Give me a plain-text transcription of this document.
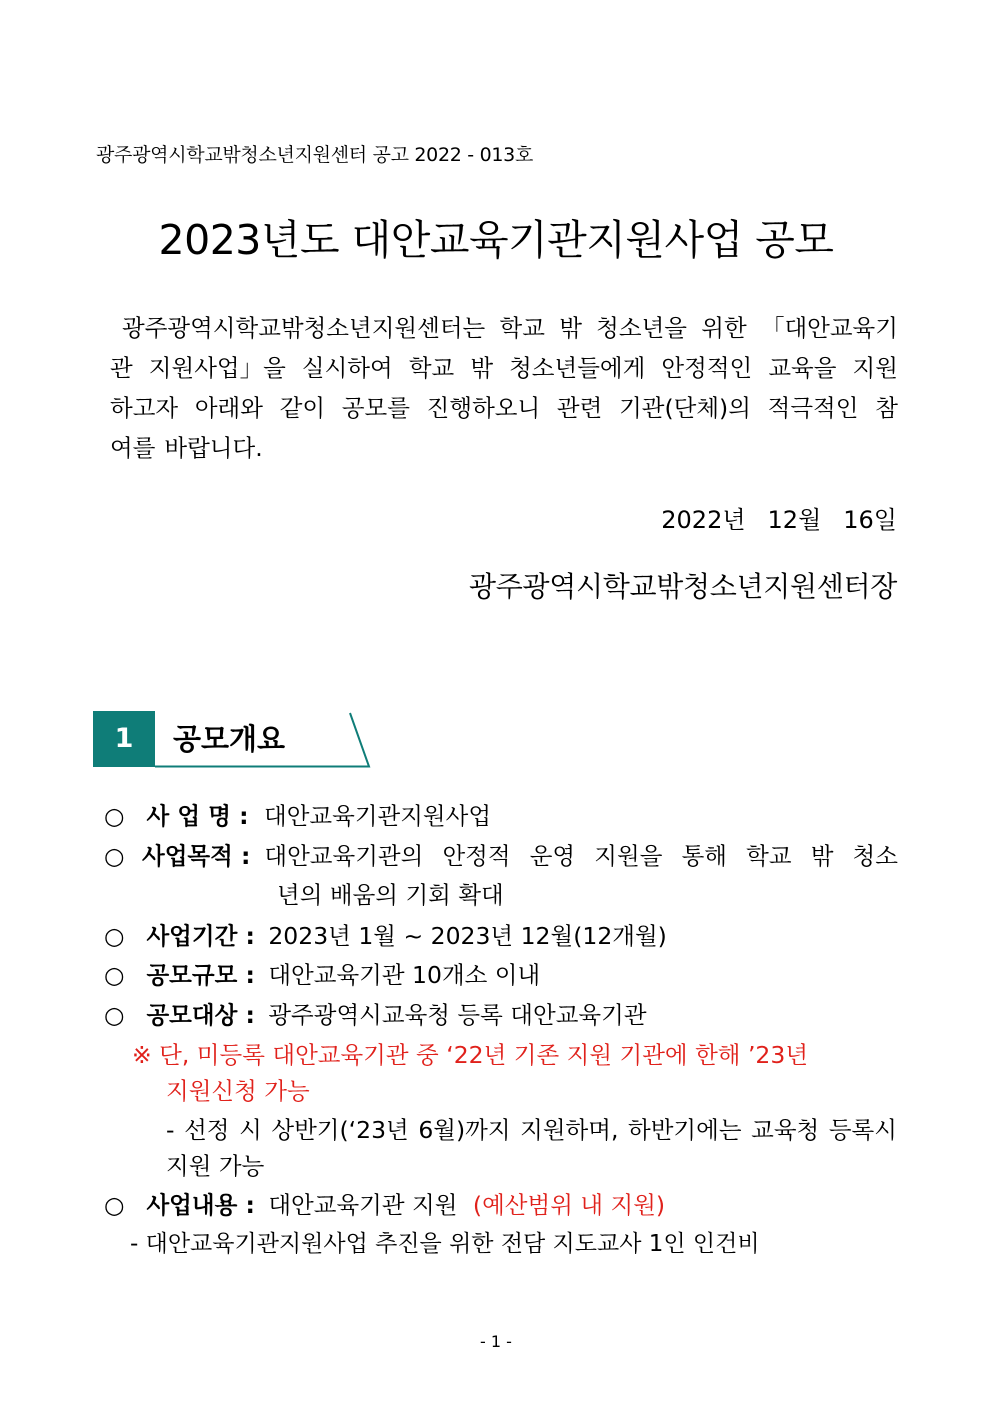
광주광역시학교밖청소년지원센터 공고 2022 - 013호
2023년도 대안교육기관지원사업 공모
광주광역시학교밖청소년지원센터는 학교 밖 청소년을 위한 「대안교육기
관 지원사업」을 실시하여 학교 밖 청소년들에게 안정적인 교육을 지원
하고자 아래와 같이 공모를 진행하오니 관련 기관(단체)의 적극적인 참
여를 바랍니다.
2022년 12월 16일
광주광역시학교밖청소년지원센터장
1	공모개요
○ 사 업 명 : 대안교육기관지원사업
○ 사업목적 : 대안교육기관의 안정적 운영 지원을 통해 학교 밖 청소
년의 배움의 기회 확대
○ 사업기간 : 2023년 1월 ~ 2023년 12월(12개월)
○ 공모규모 : 대안교육기관 10개소 이내
○ 공모대상 : 광주광역시교육청 등록 대안교육기관
※ 단, 미등록 대안교육기관 중 ‘22년 기존 지원 기관에 한해 ’23년
지원신청 가능
- 선정 시 상반기(‘23년 6월)까지 지원하며, 하반기에는 교육청 등록시
지원 가능
○ 사업내용 : 대안교육기관 지원 (예산범위 내 지원)
- 대안교육기관지원사업 추진을 위한 전담 지도교사 1인 인건비
- 1 -
